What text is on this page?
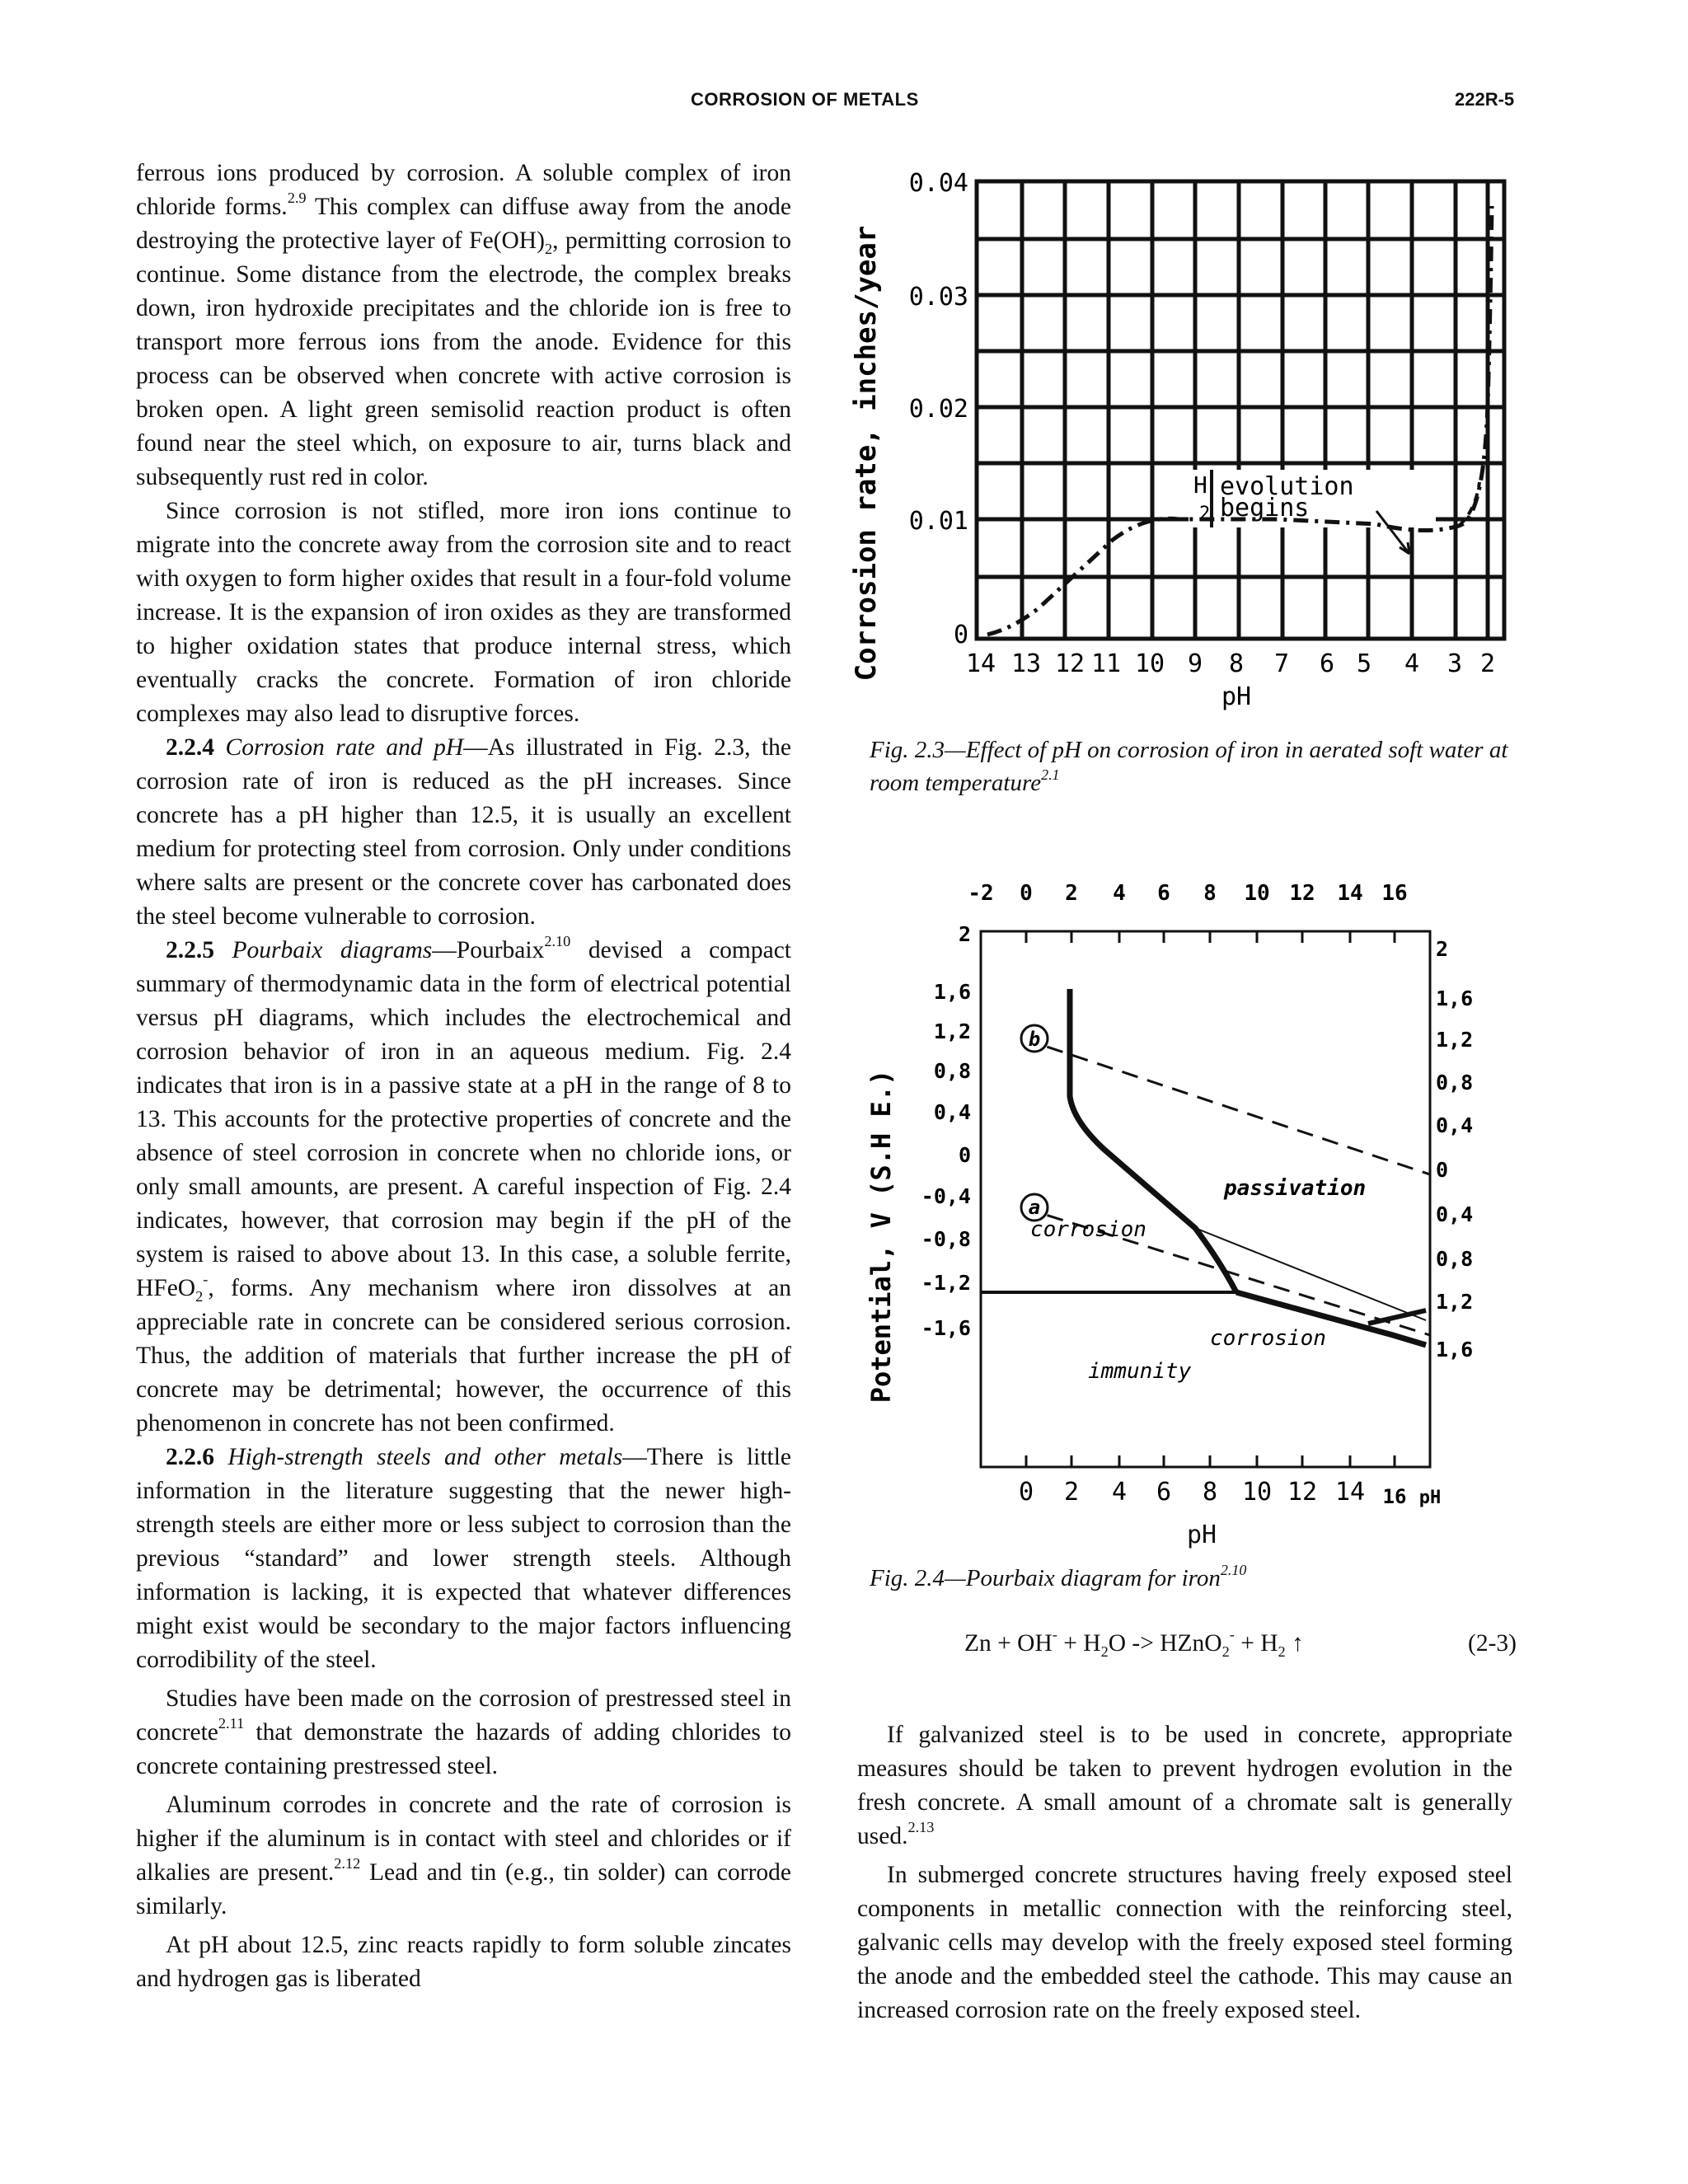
CORROSION OF METALS	222R-5

ferrous ions produced by corrosion. A soluble complex of iron chloride forms.$^{2.9}$ This complex can diffuse away from the anode destroying the protective layer of $Fe(OH)_2$, permitting corrosion to continue. Some distance from the electrode, the complex breaks down, iron hydroxide precipitates and the chloride ion is free to transport more ferrous ions from the anode. Evidence for this process can be observed when concrete with active corrosion is broken open. A light green semisolid reaction product is often found near the steel which, on exposure to air, turns black and subsequently rust red in color.

Since corrosion is not stifled, more iron ions continue to migrate into the concrete away from the corrosion site and to react with oxygen to form higher oxides that result in a four-fold volume increase. It is the expansion of iron oxides as they are transformed to higher oxidation states that produce internal stress, which eventually cracks the concrete. Formation of iron chloride complexes may also lead to disruptive forces.

2.2.4 Corrosion rate and pH—As illustrated in Fig. 2.3, the corrosion rate of iron is reduced as the pH increases. Since concrete has a pH higher than 12.5, it is usually an excellent medium for protecting steel from corrosion. Only under conditions where salts are present or the concrete cover has carbonated does the steel become vulnerable to corrosion.

2.2.5 Pourbaix diagrams—Pourbaix$^{2.10}$ devised a compact summary of thermodynamic data in the form of electrical potential versus pH diagrams, which includes the electrochemical and corrosion behavior of iron in an aqueous medium. Fig. 2.4 indicates that iron is in a passive state at a pH in the range of 8 to 13. This accounts for the protective properties of concrete and the absence of steel corrosion in concrete when no chloride ions, or only small amounts, are present. A careful inspection of Fig. 2.4 indicates, however, that corrosion may begin if the pH of the system is raised to above about 13. In this case, a soluble ferrite, HFeO$_2$-, forms. Any mechanism where iron dissolves at an appreciable rate in concrete can be considered serious corrosion. Thus, the addition of materials that further increase the pH of concrete may be detrimental; however, the occurrence of this phenomenon in concrete has not been confirmed.

2.2.6 High-strength steels and other metals—There is little information in the literature suggesting that the newer high-strength steels are either more or less subject to corrosion than the previous “standard” and lower strength steels. Although information is lacking, it is expected that whatever differences might exist would be secondary to the major factors influencing corrodibility of the steel.

Studies have been made on the corrosion of prestressed steel in concrete$^{2.11}$ that demonstrate the hazards of adding chlorides to concrete containing prestressed steel.

Aluminum corrodes in concrete and the rate of corrosion is higher if the aluminum is in contact with steel and chlorides or if alkalies are present.$^{2.12}$ Lead and tin (e.g., tin solder) can corrode similarly.

At pH about 12.5, zinc reacts rapidly to form soluble zincates and hydrogen gas is liberated

Corrosion rate, inches/year	H
2
evolution
begins
0.04
0.03
0.02
0.01
0
14 13 12 11 10 9 8 7 6 5 4 3 2
pH
Fig. 2.3—Effect of pH on corrosion of iron in aerated soft water at room temperature$^{2.1}$
Potential, V (S.H E.)
-2 0 2 4 6 8 10 12 14 16
2
1,6
1,2
0,8
0,4
0
-0,4
-0,8
-1,2
-1,6
2
1,6
1,2
0,8
0,4
0
0,4
0,8
1,2
1,6
b
a
passivation
corrosion
corrosion
immunity
0 2 4 6 8 10 12 14 16 pH
pH
Fig. 2.4—Pourbaix diagram for iron$^{2.10}$
$Zn + OH^- + H_2O$ -> HZnO$_2$- + $H_2$ ↑	(2-3)

If galvanized steel is to be used in concrete, appropriate measures should be taken to prevent hydrogen evolution in the fresh concrete. A small amount of a chromate salt is generally used.$^{2.13}$

In submerged concrete structures having freely exposed steel components in metallic connection with the reinforcing steel, galvanic cells may develop with the freely exposed steel forming the anode and the embedded steel the cathode. This may cause an increased corrosion rate on the freely exposed steel.
